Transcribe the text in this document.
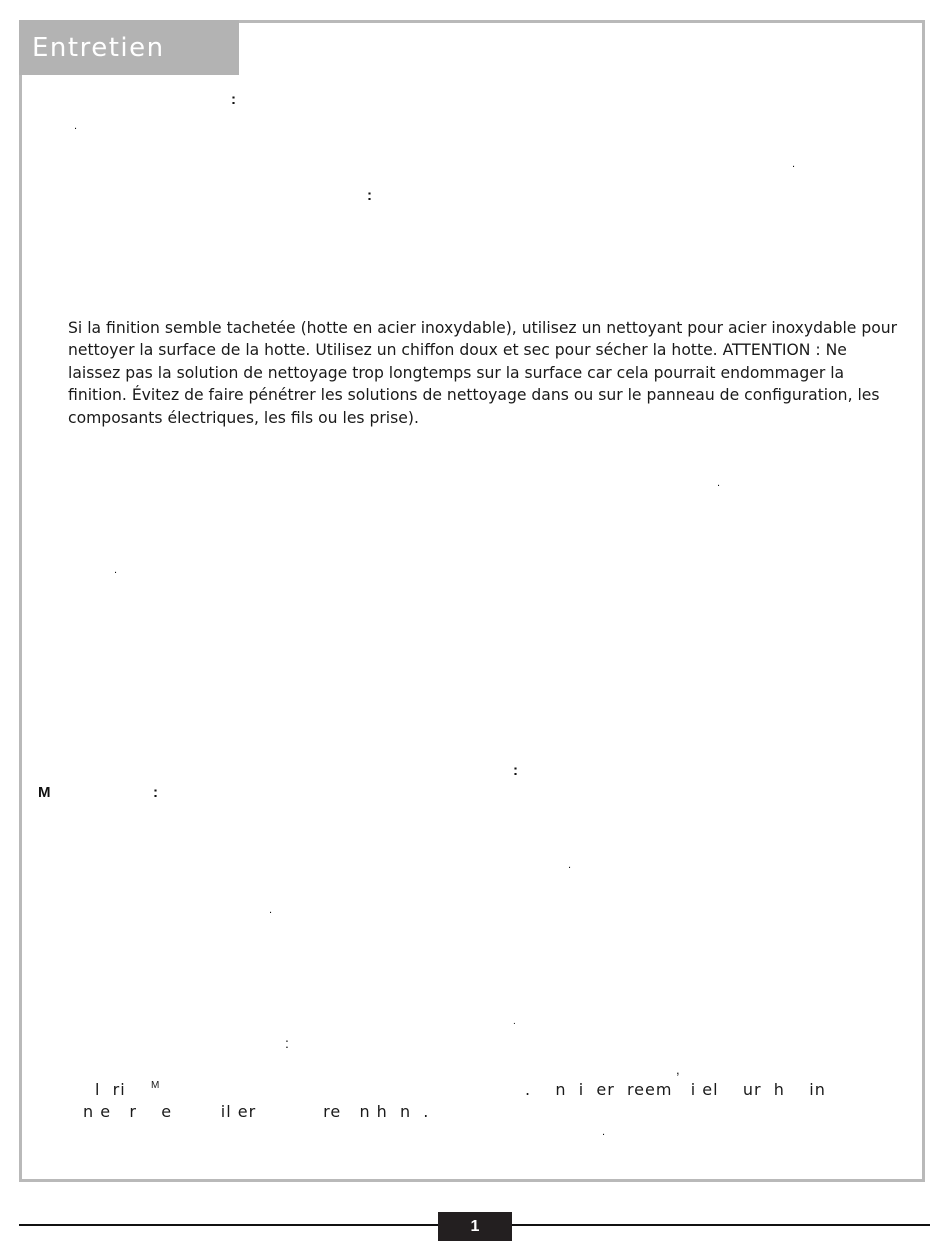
Entretien
:
.
.
:

Si la finition semble tachetée (hotte en acier inoxydable), utilisez un nettoyant pour acier inoxydable pour nettoyer la surface de la hotte. Utilisez un chiffon doux et sec pour sécher la hotte. ATTENTION : Ne laissez pas la solution de nettoyage trop longtemps sur la surface car cela pourrait endommager la finition. Évitez de faire pénétrer les solutions de nettoyage dans ou sur le panneau de configuration, les composants électriques, les fils ou les prise).

.
.
:
M	:
.
.
.
:
,
l  ri	M	.    n  i  er  reem   i el    ur  h    in
n e   r    e        il er           re   n h  n  .
.
1
